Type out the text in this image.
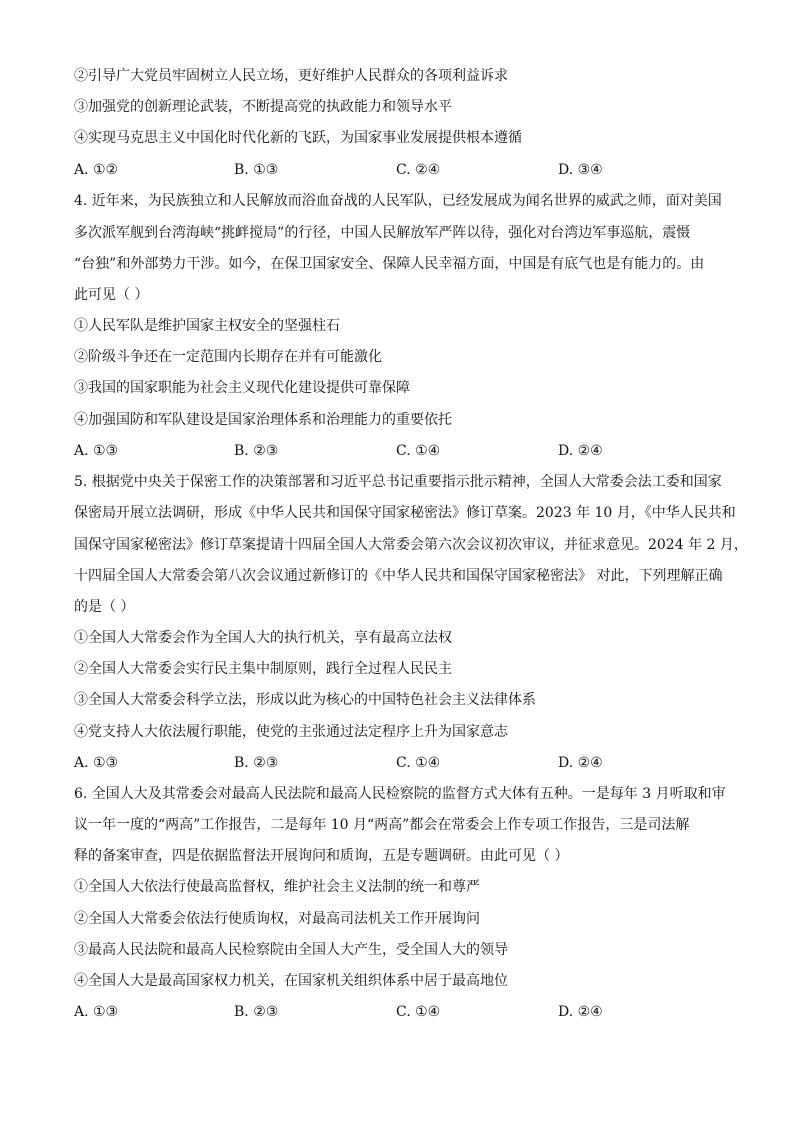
②引导广大党员牢固树立人民立场，更好维护人民群众的各项利益诉求
③加强党的创新理论武装，不断提高党的执政能力和领导水平
④实现马克思主义中国化时代化新的飞跃，为国家事业发展提供根本遵循
A. ①②	B. ①③	C. ②④	D. ③④
4. 近年来，为民族独立和人民解放而浴血奋战的人民军队，已经发展成为闻名世界的威武之师，面对美国
多次派军舰到台湾海峡“挑衅搅局”的行径，中国人民解放军严阵以待，强化对台湾边军事巡航，震慑
“台独”和外部势力干涉。如今，在保卫国家安全、保障人民幸福方面，中国是有底气也是有能力的。由
此可见（ ）
①人民军队是维护国家主权安全的坚强柱石
②阶级斗争还在一定范围内长期存在并有可能激化
③我国的国家职能为社会主义现代化建设提供可靠保障
④加强国防和军队建设是国家治理体系和治理能力的重要依托
A. ①③	B. ②③	C. ①④	D. ②④
5. 根据党中央关于保密工作的决策部署和习近平总书记重要指示批示精神，全国人大常委会法工委和国家
保密局开展立法调研，形成《中华人民共和国保守国家秘密法》修订草案。2023 年 10 月，《中华人民共和
国保守国家秘密法》修订草案提请十四届全国人大常委会第六次会议初次审议，并征求意见。2024 年 2 月，
十四届全国人大常委会第八次会议通过新修订的《中华人民共和国保守国家秘密法》 对此，下列理解正确
的是（ ）
①全国人大常委会作为全国人大的执行机关，享有最高立法权
②全国人大常委会实行民主集中制原则，践行全过程人民民主
③全国人大常委会科学立法，形成以此为核心的中国特色社会主义法律体系
④党支持人大依法履行职能，使党的主张通过法定程序上升为国家意志
A. ①③	B. ②③	C. ①④	D. ②④
6. 全国人大及其常委会对最高人民法院和最高人民检察院的监督方式大体有五种。一是每年 3 月听取和审
议一年一度的“两高”工作报告，二是每年 10 月“两高”都会在常委会上作专项工作报告，三是司法解
释的备案审查，四是依据监督法开展询问和质询，五是专题调研。由此可见（ ）
①全国人大依法行使最高监督权，维护社会主义法制的统一和尊严
②全国人大常委会依法行使质询权，对最高司法机关工作开展询问
③最高人民法院和最高人民检察院由全国人大产生，受全国人大的领导
④全国人大是最高国家权力机关，在国家机关组织体系中居于最高地位
A. ①③	B. ②③	C. ①④	D. ②④
